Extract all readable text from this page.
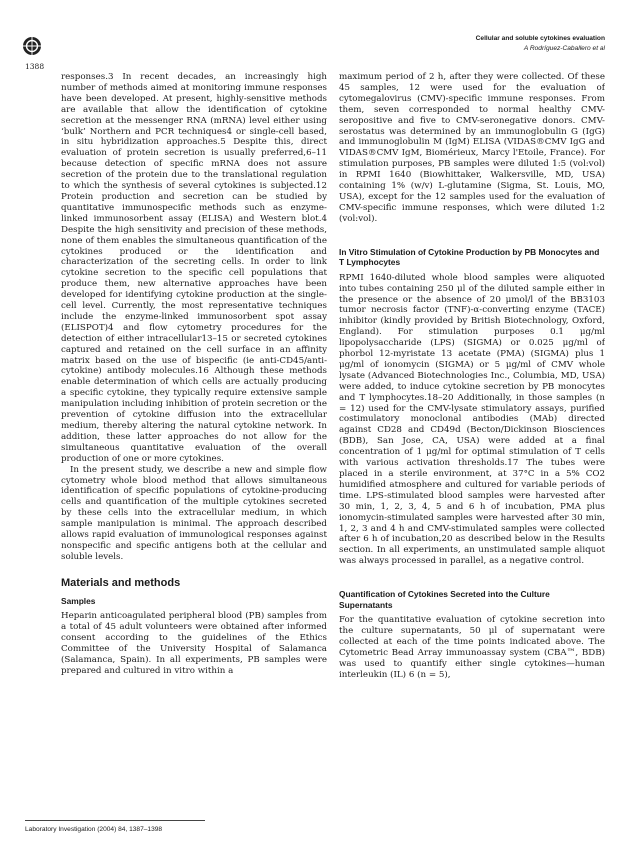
1388
Cellular and soluble cytokines evaluation
A Rodríguez-Caballero et al

responses.3 In recent decades, an increasingly high number of methods aimed at monitoring immune responses have been developed. At present, highly-sensitive methods are available that allow the identification of cytokine secretion at the messenger RNA (mRNA) level either using ‘bulk’ Northern and PCR techniques4 or single-cell based, in situ hybridization approaches.5 Despite this, direct evaluation of protein secretion is usually preferred,6–11 because detection of specific mRNA does not assure secretion of the protein due to the translational regulation to which the synthesis of several cytokines is subjected.12 Protein production and secretion can be studied by quantitative immunospecific methods such as enzyme-linked immunosorbent assay (ELISA) and Western blot.4 Despite the high sensitivity and precision of these methods, none of them enables the simultaneous quantification of the cytokines produced or the identification and characterization of the secreting cells. In order to link cytokine secretion to the specific cell populations that produce them, new alternative approaches have been developed for identifying cytokine production at the single-cell level. Currently, the most representative techniques include the enzyme-linked immunosorbent spot assay (ELISPOT)4 and flow cytometry procedures for the detection of either intracellular13–15 or secreted cytokines captured and retained on the cell surface in an affinity matrix based on the use of bispecific (ie anti-CD45/anti-cytokine) antibody molecules.16 Although these methods enable determination of which cells are actually producing a specific cytokine, they typically require extensive sample manipulation including inhibition of protein secretion or the prevention of cytokine diffusion into the extracellular medium, thereby altering the natural cytokine network. In addition, these latter approaches do not allow for the simultaneous quantitative evaluation of the overall production of one or more cytokines.

In the present study, we describe a new and simple flow cytometry whole blood method that allows simultaneous identification of specific populations of cytokine-producing cells and quantification of the multiple cytokines secreted by these cells into the extracellular medium, in which sample manipulation is minimal. The approach described allows rapid evaluation of immunological responses against nonspecific and specific antigens both at the cellular and soluble levels.

Materials and methods
Samples

Heparin anticoagulated peripheral blood (PB) samples from a total of 45 adult volunteers were obtained after informed consent according to the guidelines of the Ethics Committee of the University Hospital of Salamanca (Salamanca, Spain). In all experiments, PB samples were prepared and cultured in vitro within a

maximum period of 2 h, after they were collected. Of these 45 samples, 12 were used for the evaluation of cytomegalovirus (CMV)-specific immune responses. From them, seven corresponded to normal healthy CMV-seropositive and five to CMV-seronegative donors. CMV-serostatus was determined by an immunoglobulin G (IgG) and immunoglobulin M (IgM) ELISA (VIDAS®CMV IgG and VIDAS®CMV IgM, Biomérieux, Marcy l'Etoile, France). For stimulation purposes, PB samples were diluted 1:5 (vol:vol) in RPMI 1640 (Biowhittaker, Walkersville, MD, USA) containing 1% (w/v) L-glutamine (Sigma, St. Louis, MO, USA), except for the 12 samples used for the evaluation of CMV-specific immune responses, which were diluted 1:2 (vol:vol).

In Vitro Stimulation of Cytokine Production by PB Monocytes and T Lymphocytes

RPMI 1640-diluted whole blood samples were aliquoted into tubes containing 250 μl of the diluted sample either in the presence or the absence of 20 μmol/l of the BB3103 tumor necrosis factor (TNF)-α-converting enzyme (TACE) inhibitor (kindly provided by British Biotechnology, Oxford, England). For stimulation purposes 0.1 μg/ml lipopolysaccharide (LPS) (SIGMA) or 0.025 μg/ml of phorbol 12-myristate 13 acetate (PMA) (SIGMA) plus 1 μg/ml of ionomycin (SIGMA) or 5 μg/ml of CMV whole lysate (Advanced Biotechnologies Inc., Columbia, MD, USA) were added, to induce cytokine secretion by PB monocytes and T lymphocytes.18–20 Additionally, in those samples (n = 12) used for the CMV-lysate stimulatory assays, purified costimulatory monoclonal antibodies (MAb) directed against CD28 and CD49d (Becton/Dickinson Biosciences (BDB), San Jose, CA, USA) were added at a final concentration of 1 μg/ml for optimal stimulation of T cells with various activation thresholds.17 The tubes were placed in a sterile environment, at 37°C in a 5% CO2 humidified atmosphere and cultured for variable periods of time. LPS-stimulated blood samples were harvested after 30 min, 1, 2, 3, 4, 5 and 6 h of incubation, PMA plus ionomycin-stimulated samples were harvested after 30 min, 1, 2, 3 and 4 h and CMV-stimulated samples were collected after 6 h of incubation,20 as described below in the Results section. In all experiments, an unstimulated sample aliquot was always processed in parallel, as a negative control.

Quantification of Cytokines Secreted into the Culture Supernatants

For the quantitative evaluation of cytokine secretion into the culture supernatants, 50 μl of supernatant were collected at each of the time points indicated above. The Cytometric Bead Array immunoassay system (CBA™, BDB) was used to quantify either single cytokines—human interleukin (IL) 6 (n = 5),

Laboratory Investigation (2004) 84, 1387–1398
